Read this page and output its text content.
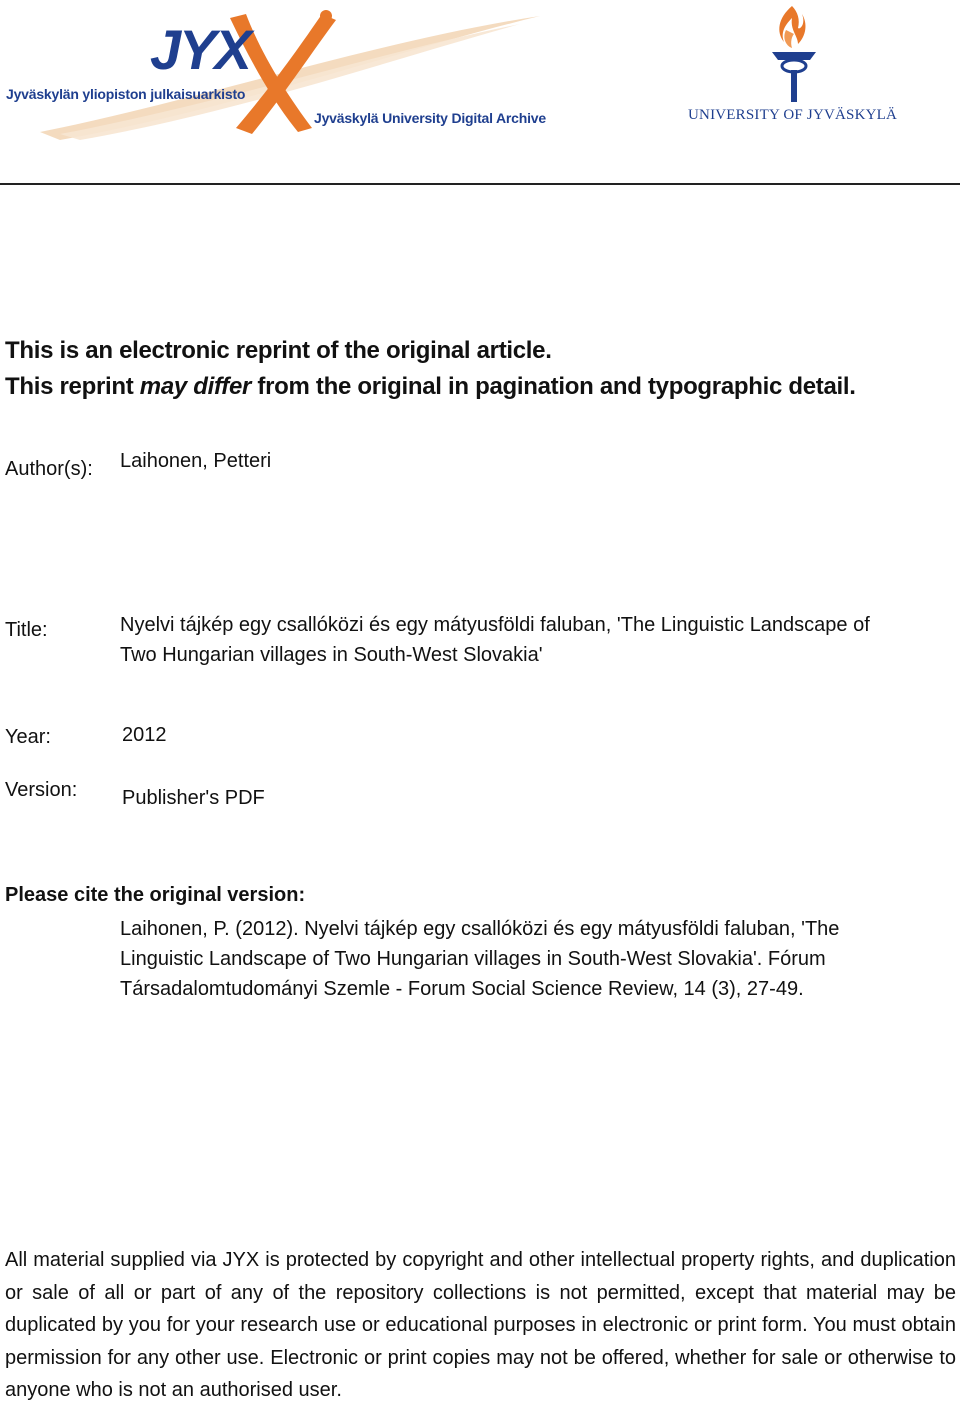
JYX
Jyväskylän yliopiston julkaisuarkisto
Jyväskylä University Digital Archive	UNIVERSITY OF JYVÄSKYLÄ
This is an electronic reprint of the original article.
This reprint may differ from the original in pagination and typographic detail.
Author(s): Laihonen, Petteri
Title:	Nyelvi tájkép egy csallóközi és egy mátyusföldi faluban, 'The Linguistic Landscape of
Two Hungarian villages in South-West Slovakia'
Year:	2012
Version: Publisher's PDF
Please cite the original version:
Laihonen, P. (2012). Nyelvi tájkép egy csallóközi és egy mátyusföldi faluban, 'The Linguistic Landscape of Two Hungarian villages in South-West Slovakia'. Fórum Társadalomtudományi Szemle - Forum Social Science Review, 14 (3), 27-49.
All material supplied via JYX is protected by copyright and other intellectual property rights, and duplication or sale of all or part of any of the repository collections is not permitted, except that material may be duplicated by you for your research use or educational purposes in electronic or print form. You must obtain permission for any other use. Electronic or print copies may not be offered, whether for sale or otherwise to anyone who is not an authorised user.
